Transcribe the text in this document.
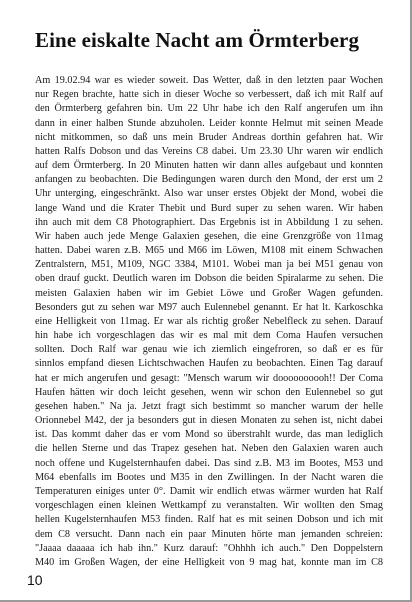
Eine eiskalte Nacht am Örmterberg
Am 19.02.94 war es wieder soweit. Das Wetter, daß in den letzten paar Wochen
nur Regen brachte, hatte sich in dieser Woche so verbessert, daß ich mit Ralf auf
den Örmterberg gefahren bin. Um 22 Uhr habe ich den Ralf angerufen um ihn
dann in einer halben Stunde abzuholen. Leider konnte Helmut mit seinen Meade
nicht mitkommen, so daß uns mein Bruder Andreas dorthin gefahren hat. Wir
hatten Ralfs Dobson und das Vereins C8 dabei. Um 23.30 Uhr waren wir endlich
auf dem Örmterberg. In 20 Minuten hatten wir dann alles aufgebaut und konnten
anfangen zu beobachten. Die Bedingungen waren durch den Mond, der erst um 2
Uhr unterging, eingeschränkt. Also war unser erstes Objekt der Mond, wobei die
lange Wand und die Krater Thebit und Burd super zu sehen waren. Wir haben
ihn auch mit dem C8 Photographiert. Das Ergebnis ist in Abbildung 1 zu sehen.
Wir haben auch jede Menge Galaxien gesehen, die eine Grenzgröße von 11mag
hatten. Dabei waren z.B. M65 und M66 im Löwen, M108 mit einem Schwachen
Zentralstern, M51, M109, NGC 3384, M101. Wobei man ja bei M51 genau von
oben drauf guckt. Deutlich waren im Dobson die beiden Spiralarme zu sehen. Die
meisten Galaxien haben wir im Gebiet Löwe und Großer Wagen gefunden.
Besonders gut zu sehen war M97 auch Eulennebel genannt. Er hat lt. Karkoschka
eine Helligkeit von 11mag. Er war als richtig großer Nebelfleck zu sehen. Darauf
hin habe ich vorgeschlagen das wir es mal mit dem Coma Haufen versuchen
sollten. Doch Ralf war genau wie ich ziemlich eingefroren, so daß er es für
sinnlos empfand diesen Lichtschwachen Haufen zu beobachten. Einen Tag darauf
hat er mich angerufen und gesagt: "Mensch warum wir doooooooooh!! Der Coma
Haufen hätten wir doch leicht gesehen, wenn wir schon den Eulennebel so gut
gesehen haben." Na ja. Jetzt fragt sich bestimmt so mancher warum der helle
Orionnebel M42, der ja besonders gut in diesen Monaten zu sehen ist, nicht dabei
ist. Das kommt daher das er vom Mond so überstrahlt wurde, das man lediglich
die hellen Sterne und das Trapez gesehen hat. Neben den Galaxien waren auch
noch offene und Kugelsternhaufen dabei. Das sind z.B. M3 im Bootes, M53 und
M64 ebenfalls im Bootes und M35 in den Zwillingen. In der Nacht waren die
Temperaturen einiges unter 0°. Damit wir endlich etwas wärmer wurden hat Ralf
vorgeschlagen einen kleinen Wettkampf zu veranstalten. Wir wollten den Smag
hellen Kugelsternhaufen M53 finden. Ralf hat es mit seinen Dobson und ich mit
dem C8 versucht. Dann nach ein paar Minuten hörte man jemanden schreien:
"Jaaaa daaaaa ich hab ihn." Kurz darauf: "Ohhhh ich auch." Den Doppelstern
M40 im Großen Wagen, der eine Helligkeit von 9 mag hat, konnte man im C8
10
